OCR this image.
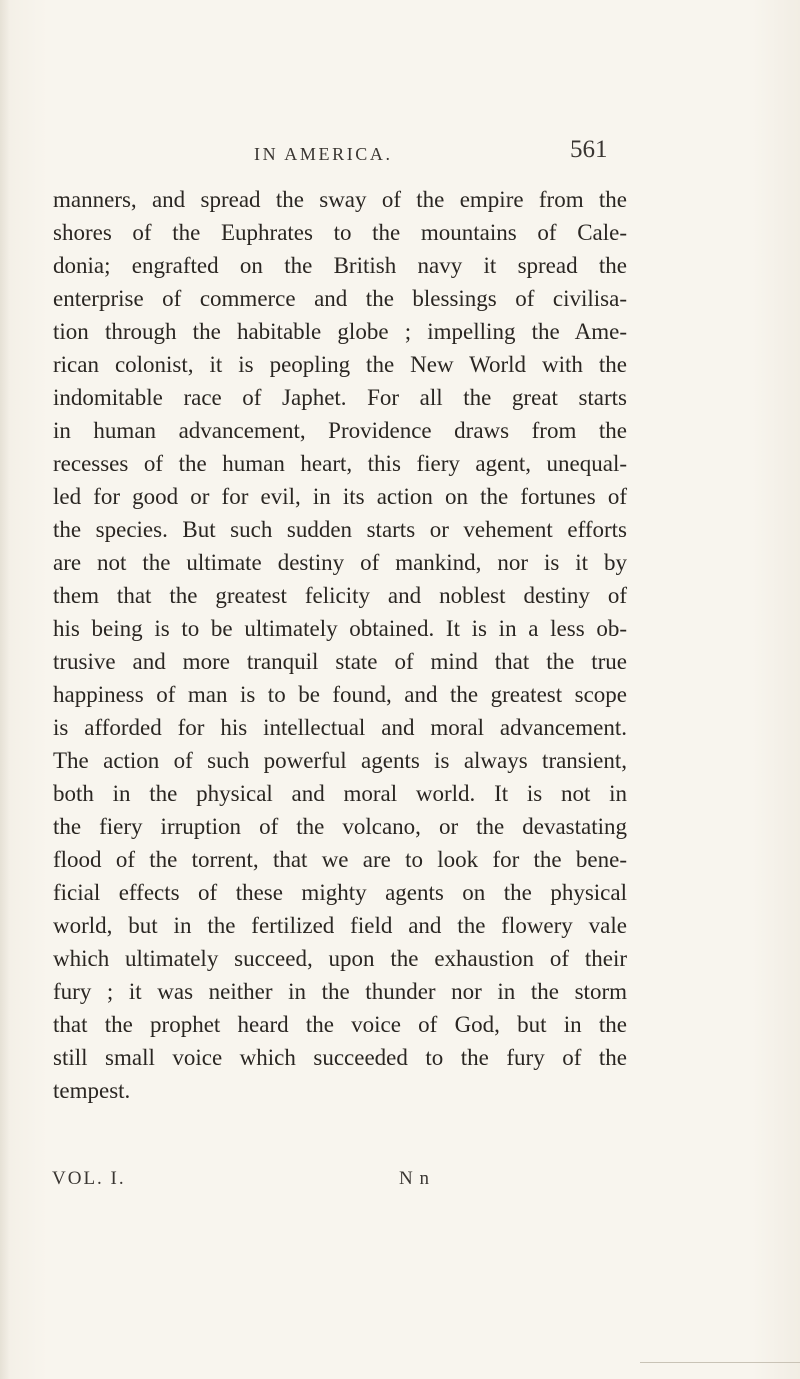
IN AMERICA.	561
manners, and spread the sway of the empire from the
shores of the Euphrates to the mountains of Cale-
donia; engrafted on the British navy it spread the
enterprise of commerce and the blessings of civilisa-
tion through the habitable globe ; impelling the Ame-
rican colonist, it is peopling the New World with the
indomitable race of Japhet. For all the great starts
in human advancement, Providence draws from the
recesses of the human heart, this fiery agent, unequal-
led for good or for evil, in its action on the fortunes of
the species. But such sudden starts or vehement efforts
are not the ultimate destiny of mankind, nor is it by
them that the greatest felicity and noblest destiny of
his being is to be ultimately obtained. It is in a less ob-
trusive and more tranquil state of mind that the true
happiness of man is to be found, and the greatest scope
is afforded for his intellectual and moral advancement.
The action of such powerful agents is always transient,
both in the physical and moral world. It is not in
the fiery irruption of the volcano, or the devastating
flood of the torrent, that we are to look for the bene-
ficial effects of these mighty agents on the physical
world, but in the fertilized field and the flowery vale
which ultimately succeed, upon the exhaustion of their
fury ; it was neither in the thunder nor in the storm
that the prophet heard the voice of God, but in the
still small voice which succeeded to the fury of the
tempest.
VOL. I.	N n
